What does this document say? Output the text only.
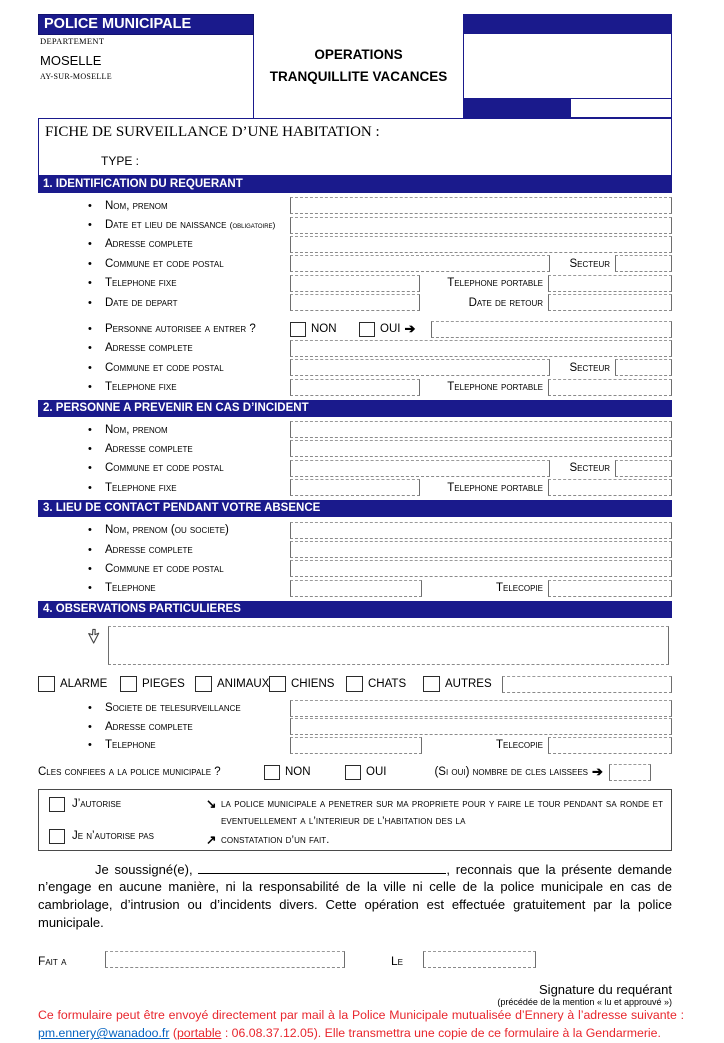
POLICE MUNICIPALE
DEPARTEMENT
MOSELLE
AY-SUR-MOSELLE
OPERATIONS
TRANQUILLITE VACANCES
FICHE DE SURVEILLANCE D’UNE HABITATION :
TYPE :
1. IDENTIFICATION DU REQUERANT
•	Nom, prenom
•	Date et lieu de naissance (obligatoire)
•	Adresse complete
•	Commune et code postal	Secteur
•	Telephone fixe	Telephone portable
•	Date de depart	Date de retour
•	Personne autorisee a entrer ?	NON	OUI ➔
•	Adresse complete
•	Commune et code postal	Secteur
•	Telephone fixe	Telephone portable
2. PERSONNE A PREVENIR EN CAS D’INCIDENT
•	Nom, prenom
•	Adresse complete
•	Commune et code postal	Secteur
•	Telephone fixe	Telephone portable
3. LIEU DE CONTACT PENDANT VOTRE ABSENCE
•	Nom, prenom (ou societe)
•	Adresse complete
•	Commune et code postal
•	Telephone	Telecopie
4. OBSERVATIONS PARTICULIERES
ALARME	PIEGES	ANIMAUX CHIENS	CHATS	AUTRES
•	Societe de telesurveillance
•	Adresse complete
•	Telephone	Telecopie
Cles confiees a la police municipale ?	NON	OUI	(Si oui) nombre de cles laissees ➔
J’autorise
Je n’autorise pas
↘ la police municipale a penetrer sur ma propriete pour y faire le tour pendant sa ronde et eventuellement a l’interieur de l’habitation des la
↗ constatation d’un fait.
Je soussigné(e),	, reconnais que la présente demande n’engage en aucune manière, ni la responsabilité de la ville ni celle de la police municipale en cas de cambriolage, d’intrusion ou d’incidents divers. Cette opération est effectuée gratuitement par la police municipale.
Fait a	Le
Signature du requérant
(précédée de la mention « lu et approuvé »)
Ce formulaire peut être envoyé directement par mail à la Police Municipale mutualisée d’Ennery à l’adresse suivante : pm.ennery@wanadoo.fr (portable : 06.08.37.12.05). Elle transmettra une copie de ce formulaire à la Gendarmerie.
